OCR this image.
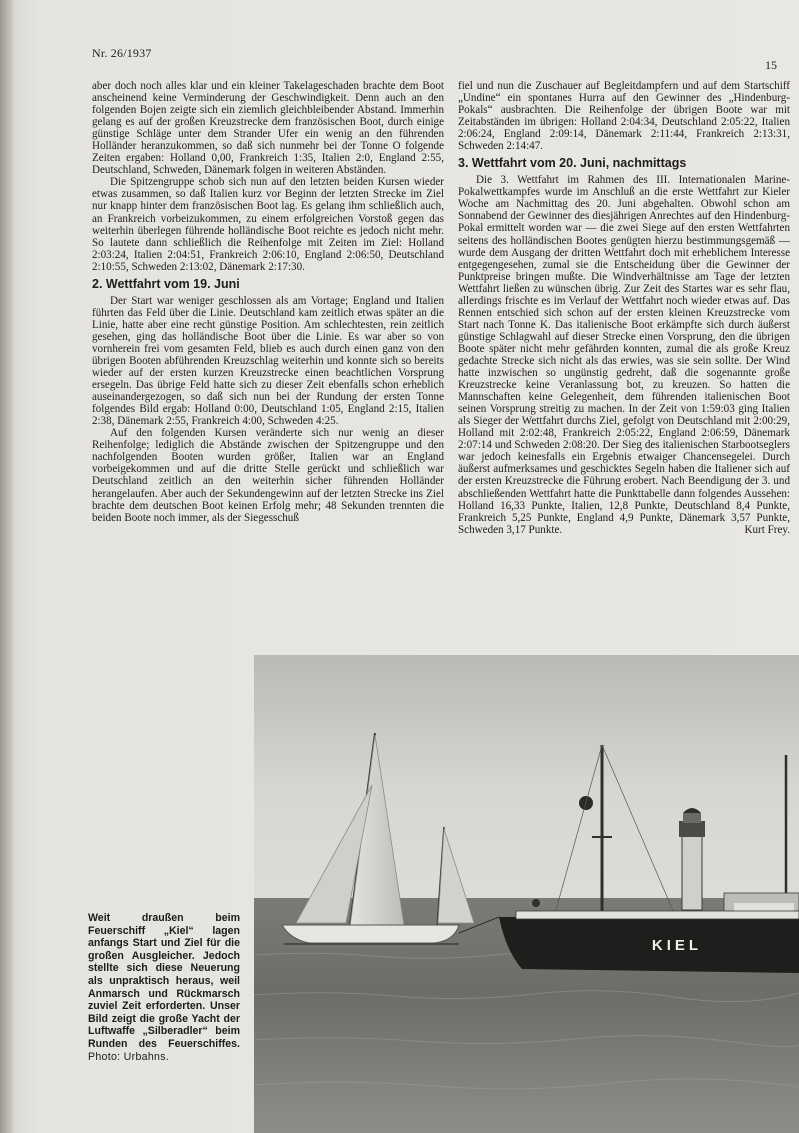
Nr. 26/1937
15

aber doch noch alles klar und ein kleiner Takelageschaden brachte dem Boot anscheinend keine Verminderung der Geschwindigkeit. Denn auch an den folgenden Bojen zeigte sich ein ziemlich gleichbleibender Abstand. Immerhin gelang es auf der großen Kreuzstrecke dem französischen Boot, durch einige günstige Schläge unter dem Strander Ufer ein wenig an den führenden Holländer heranzukommen, so daß sich nunmehr bei der Tonne O folgende Zeiten ergaben: Holland 0,00, Frankreich 1:35, Italien 2:0, England 2:55, Deutschland, Schweden, Dänemark folgen in weiteren Abständen.

Die Spitzengruppe schob sich nun auf den letzten beiden Kursen wieder etwas zusammen, so daß Italien kurz vor Beginn der letzten Strecke im Ziel nur knapp hinter dem französischen Boot lag. Es gelang ihm schließlich auch, an Frankreich vorbeizukommen, zu einem erfolgreichen Vorstoß gegen das weiterhin überlegen führende holländische Boot reichte es jedoch nicht mehr. So lautete dann schließlich die Reihenfolge mit Zeiten im Ziel: Holland 2:03:24, Italien 2:04:51, Frankreich 2:06:10, England 2:06:50, Deutschland 2:10:55, Schweden 2:13:02, Dänemark 2:17:30.

2. Wettfahrt vom 19. Juni

Der Start war weniger geschlossen als am Vortage; England und Italien führten das Feld über die Linie. Deutschland kam zeitlich etwas später an die Linie, hatte aber eine recht günstige Position. Am schlechtesten, rein zeitlich gesehen, ging das holländische Boot über die Linie. Es war aber so von vornherein frei vom gesamten Feld, blieb es auch durch einen ganz von den übrigen Booten abführenden Kreuzschlag weiterhin und konnte sich so bereits wieder auf der ersten kurzen Kreuzstrecke einen beachtlichen Vorsprung ersegeln. Das übrige Feld hatte sich zu dieser Zeit ebenfalls schon erheblich auseinandergezogen, so daß sich nun bei der Rundung der ersten Tonne folgendes Bild ergab: Holland 0:00, Deutschland 1:05, England 2:15, Italien 2:38, Dänemark 2:55, Frankreich 4:00, Schweden 4:25.

Auf den folgenden Kursen veränderte sich nur wenig an dieser Reihenfolge; lediglich die Abstände zwischen der Spitzengruppe und den nachfolgenden Booten wurden größer, Italien war an England vorbeigekommen und auf die dritte Stelle gerückt und schließlich war Deutschland zeitlich an den weiterhin sicher führenden Holländer herangelaufen. Aber auch der Sekundengewinn auf der letzten Strecke ins Ziel brachte dem deutschen Boot keinen Erfolg mehr; 48 Sekunden trennten die beiden Boote noch immer, als der Siegesschuß

fiel und nun die Zuschauer auf Begleitdampfern und auf dem Startschiff „Undine“ ein spontanes Hurra auf den Gewinner des „Hindenburg-Pokals“ ausbrachten. Die Reihenfolge der übrigen Boote war mit Zeitabständen im übrigen: Holland 2:04:34, Deutschland 2:05:22, Italien 2:06:24, England 2:09:14, Dänemark 2:11:44, Frankreich 2:13:31, Schweden 2:14:47.

3. Wettfahrt vom 20. Juni, nachmittags

Die 3. Wettfahrt im Rahmen des III. Internationalen Marine-Pokalwettkampfes wurde im Anschluß an die erste Wettfahrt zur Kieler Woche am Nachmittag des 20. Juni abgehalten. Obwohl schon am Sonnabend der Gewinner des diesjährigen Anrechtes auf den Hindenburg-Pokal ermittelt worden war — die zwei Siege auf den ersten Wettfahrten seitens des holländischen Bootes genügten hierzu bestimmungsgemäß — wurde dem Ausgang der dritten Wettfahrt doch mit erheblichem Interesse entgegengesehen, zumal sie die Entscheidung über die Gewinner der Punktpreise bringen mußte. Die Windverhältnisse am Tage der letzten Wettfahrt ließen zu wünschen übrig. Zur Zeit des Startes war es sehr flau, allerdings frischte es im Verlauf der Wettfahrt noch wieder etwas auf. Das Rennen entschied sich schon auf der ersten kleinen Kreuzstrecke vom Start nach Tonne K. Das italienische Boot erkämpfte sich durch äußerst günstige Schlagwahl auf dieser Strecke einen Vorsprung, den die übrigen Boote später nicht mehr gefährden konnten, zumal die als große Kreuz gedachte Strecke sich nicht als das erwies, was sie sein sollte. Der Wind hatte inzwischen so ungünstig gedreht, daß die sogenannte große Kreuzstrecke keine Veranlassung bot, zu kreuzen. So hatten die Mannschaften keine Gelegenheit, dem führenden italienischen Boot seinen Vorsprung streitig zu machen. In der Zeit von 1:59:03 ging Italien als Sieger der Wettfahrt durchs Ziel, gefolgt von Deutschland mit 2:00:29, Holland mit 2:02:48, Frankreich 2:05:22, England 2:06:59, Dänemark 2:07:14 und Schweden 2:08:20. Der Sieg des italienischen Starbootseglers war jedoch keinesfalls ein Ergebnis etwaiger Chancensegelei. Durch äußerst aufmerksames und geschicktes Segeln haben die Italiener sich auf der ersten Kreuzstrecke die Führung erobert. Nach Beendigung der 3. und abschließenden Wettfahrt hatte die Punkttabelle dann folgendes Aussehen: Holland 16,33 Punkte, Italien, 12,8 Punkte, Deutschland 8,4 Punkte, Frankreich 5,25 Punkte, England 4,9 Punkte, Dänemark 3,57 Punkte, Schweden 3,17 Punkte.	Kurt Frey.

Weit draußen beim Feuerschiff „Kiel“ lagen anfangs Start und Ziel für die großen Ausgleicher. Jedoch stellte sich diese Neuerung als unpraktisch heraus, weil Anmarsch und Rückmarsch zuviel Zeit erforderten. Unser Bild zeigt die große Yacht der Luftwaffe „Silberadler“ beim Runden des Feuerschiffes. Photo: Urbahns.
KIEL
